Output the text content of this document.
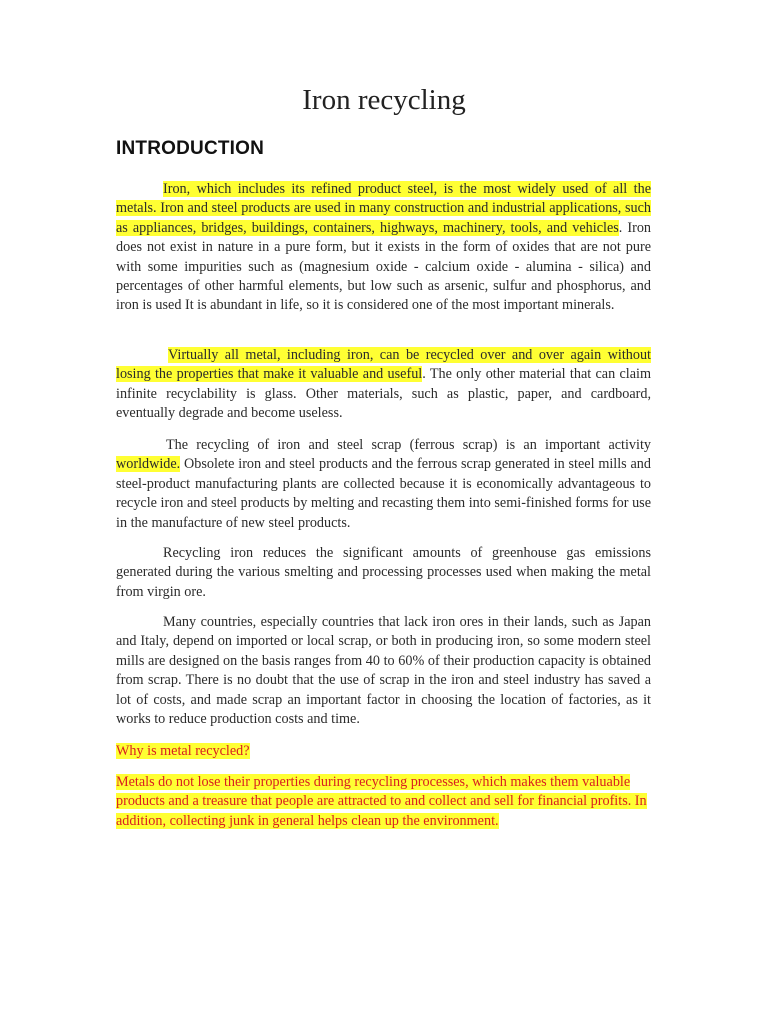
Iron recycling
INTRODUCTION

Iron, which includes its refined product steel, is the most widely used of all the metals. Iron and steel products are used in many construction and industrial applications, such as appliances, bridges, buildings, containers, highways, machinery, tools, and vehicles. Iron does not exist in nature in a pure form, but it exists in the form of oxides that are not pure with some impurities such as (magnesium oxide - calcium oxide - alumina - silica) and percentages of other harmful elements, but low such as arsenic, sulfur and phosphorus, and iron is used It is abundant in life, so it is considered one of the most important minerals.

Virtually all metal, including iron, can be recycled over and over again without losing the properties that make it valuable and useful. The only other material that can claim infinite recyclability is glass. Other materials, such as plastic, paper, and cardboard, eventually degrade and become useless.

The recycling of iron and steel scrap (ferrous scrap) is an important activity worldwide. Obsolete iron and steel products and the ferrous scrap generated in steel mills and steel-product manufacturing plants are collected because it is economically advantageous to recycle iron and steel products by melting and recasting them into semi-finished forms for use in the manufacture of new steel products.

Recycling iron reduces the significant amounts of greenhouse gas emissions generated during the various smelting and processing processes used when making the metal from virgin ore.

Many countries, especially countries that lack iron ores in their lands, such as Japan and Italy, depend on imported or local scrap, or both in producing iron, so some modern steel mills are designed on the basis ranges from 40 to 60% of their production capacity is obtained from scrap. There is no doubt that the use of scrap in the iron and steel industry has saved a lot of costs, and made scrap an important factor in choosing the location of factories, as it works to reduce production costs and time.

Why is metal recycled?

Metals do not lose their properties during recycling processes, which makes them valuable products and a treasure that people are attracted to and collect and sell for financial profits. In addition, collecting junk in general helps clean up the environment.
